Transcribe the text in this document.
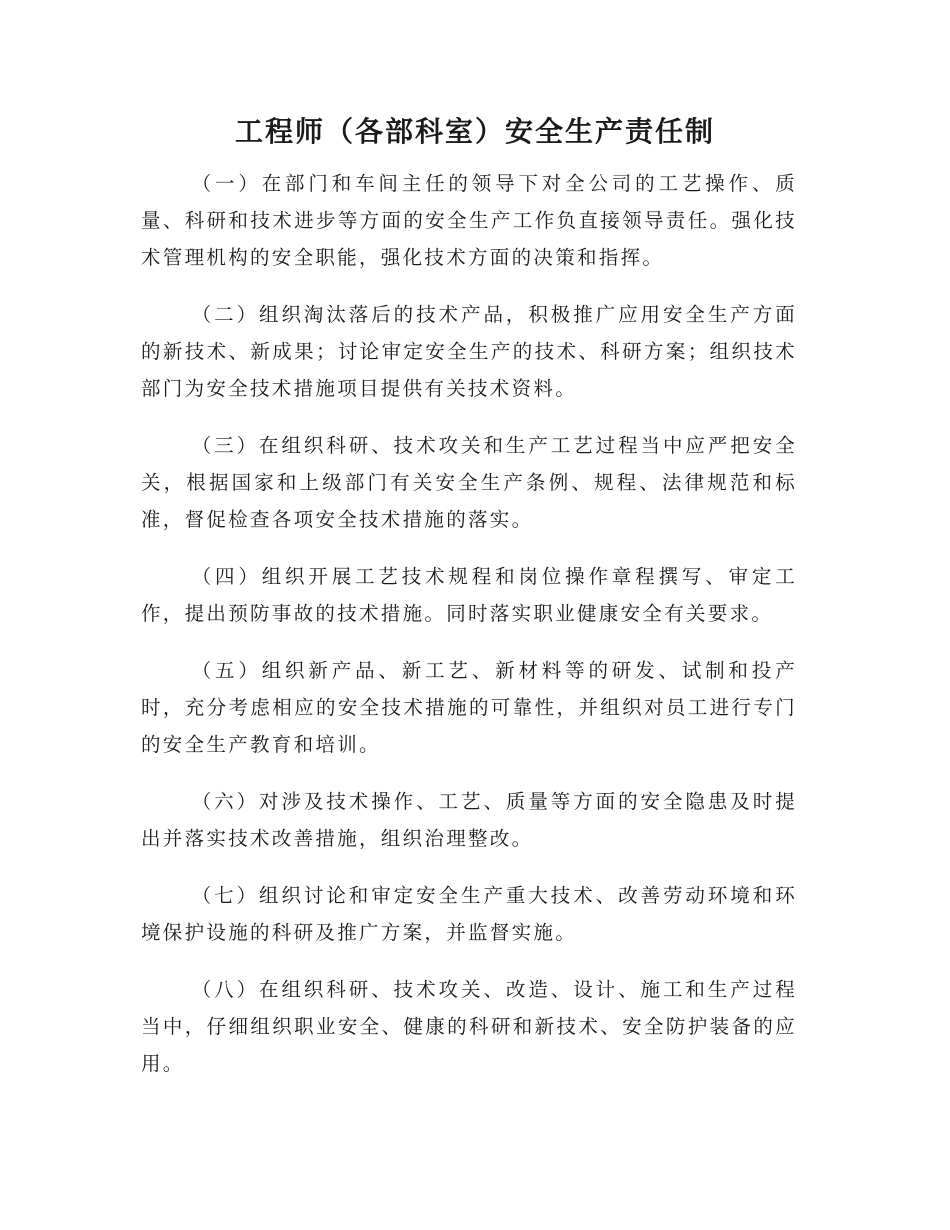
工程师（各部科室）安全生产责任制

（一）在部门和车间主任的领导下对全公司的工艺操作、质量、科研和技术进步等方面的安全生产工作负直接领导责任。强化技术管理机构的安全职能，强化技术方面的决策和指挥。

（二）组织淘汰落后的技术产品，积极推广应用安全生产方面的新技术、新成果；讨论审定安全生产的技术、科研方案；组织技术部门为安全技术措施项目提供有关技术资料。

（三）在组织科研、技术攻关和生产工艺过程当中应严把安全关，根据国家和上级部门有关安全生产条例、规程、法律规范和标准，督促检查各项安全技术措施的落实。

（四）组织开展工艺技术规程和岗位操作章程撰写、审定工作，提出预防事故的技术措施。同时落实职业健康安全有关要求。

（五）组织新产品、新工艺、新材料等的研发、试制和投产时，充分考虑相应的安全技术措施的可靠性，并组织对员工进行专门的安全生产教育和培训。

（六）对涉及技术操作、工艺、质量等方面的安全隐患及时提出并落实技术改善措施，组织治理整改。

（七）组织讨论和审定安全生产重大技术、改善劳动环境和环境保护设施的科研及推广方案，并监督实施。

（八）在组织科研、技术攻关、改造、设计、施工和生产过程当中，仔细组织职业安全、健康的科研和新技术、安全防护装备的应用。
